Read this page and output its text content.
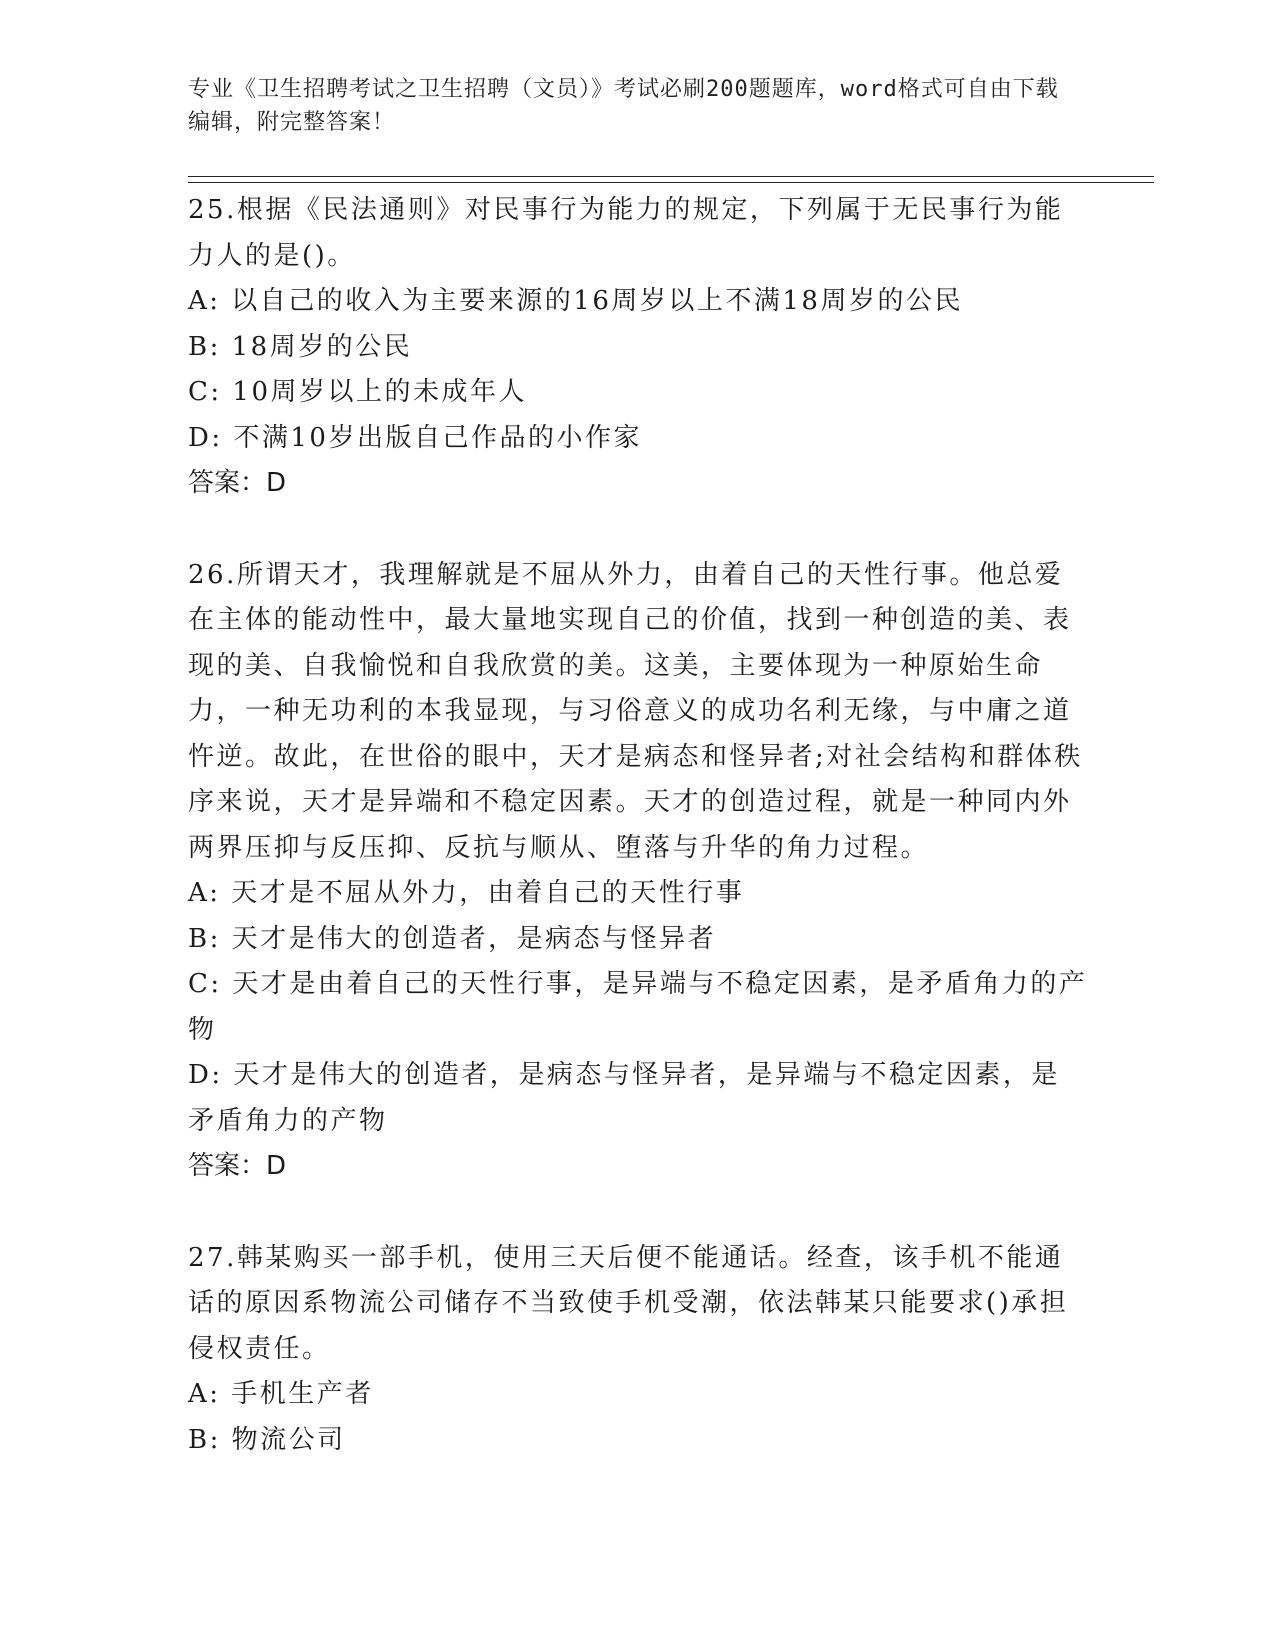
专业《卫生招聘考试之卫生招聘（文员）》考试必刷200题题库，word格式可自由下载编辑，附完整答案！

25.根据《民法通则》对民事行为能力的规定，下列属于无民事行为能力人的是()。

A: 以自己的收入为主要来源的16周岁以上不满18周岁的公民

B: 18周岁的公民

C: 10周岁以上的未成年人

D: 不满10岁出版自己作品的小作家

答案：D

26.所谓天才，我理解就是不屈从外力，由着自己的天性行事。他总爱在主体的能动性中，最大量地实现自己的价值，找到一种创造的美、表现的美、自我愉悦和自我欣赏的美。这美，主要体现为一种原始生命力，一种无功利的本我显现，与习俗意义的成功名利无缘，与中庸之道忤逆。故此，在世俗的眼中，天才是病态和怪异者;对社会结构和群体秩序来说，天才是异端和不稳定因素。天才的创造过程，就是一种同内外两界压抑与反压抑、反抗与顺从、堕落与升华的角力过程。

A: 天才是不屈从外力，由着自己的天性行事

B: 天才是伟大的创造者，是病态与怪异者

C: 天才是由着自己的天性行事，是异端与不稳定因素，是矛盾角力的产物

D: 天才是伟大的创造者，是病态与怪异者，是异端与不稳定因素，是矛盾角力的产物

答案：D

27.韩某购买一部手机，使用三天后便不能通话。经查，该手机不能通话的原因系物流公司储存不当致使手机受潮，依法韩某只能要求()承担侵权责任。

A: 手机生产者

B: 物流公司
